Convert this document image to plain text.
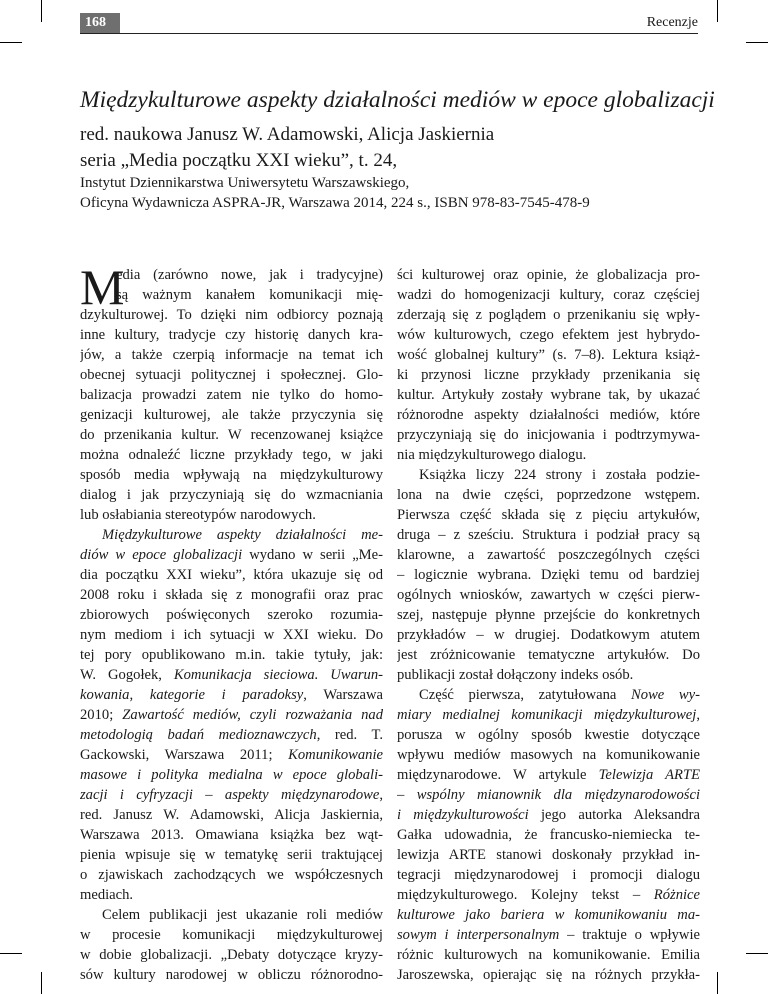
168	Recenzje
Międzykulturowe aspekty działalności mediów w epoce globalizacji
red. naukowa Janusz W. Adamowski, Alicja Jaskiernia
seria „Media początku XXI wieku”, t. 24,
Instytut Dziennikarstwa Uniwersytetu Warszawskiego,
Oficyna Wydawnicza ASPRA-JR, Warszawa 2014, 224 s., ISBN 978-83-7545-478-9
M
edia (zarówno nowe, jak i tradycyjne)
są ważnym kanałem komunikacji mię-
dzykulturowej. To dzięki nim odbiorcy poznają
inne kultury, tradycje czy historię danych kra-
jów, a także czerpią informacje na temat ich
obecnej sytuacji politycznej i społecznej. Glo-
balizacja prowadzi zatem nie tylko do homo-
genizacji kulturowej, ale także przyczynia się
do przenikania kultur. W recenzowanej książce
można odnaleźć liczne przykłady tego, w jaki
sposób media wpływają na międzykulturowy
dialog i jak przyczyniają się do wzmacniania
lub osłabiania stereotypów narodowych.
Międzykulturowe aspekty działalności me-
diów w epoce globalizacji wydano w serii „Me-
dia początku XXI wieku”, która ukazuje się od
2008 roku i składa się z monografii oraz prac
zbiorowych poświęconych szeroko rozumia-
nym mediom i ich sytuacji w XXI wieku. Do
tej pory opublikowano m.in. takie tytuły, jak:
W. Gogołek, Komunikacja sieciowa. Uwarun-
kowania, kategorie i paradoksy, Warszawa
2010; Zawartość mediów, czyli rozważania nad
metodologią badań medioznawczych, red. T.
Gackowski, Warszawa 2011; Komunikowanie
masowe i polityka medialna w epoce globali-
zacji i cyfryzacji – aspekty międzynarodowe,
red. Janusz W. Adamowski, Alicja Jaskiernia,
Warszawa 2013. Omawiana książka bez wąt-
pienia wpisuje się w tematykę serii traktującej
o zjawiskach zachodzących we współczesnych
mediach.
Celem publikacji jest ukazanie roli mediów
w procesie komunikacji międzykulturowej
w dobie globalizacji. „Debaty dotyczące kryzy-
sów kultury narodowej w obliczu różnorodno-
ści kulturowej oraz opinie, że globalizacja pro-
wadzi do homogenizacji kultury, coraz częściej
zderzają się z poglądem o przenikaniu się wpły-
wów kulturowych, czego efektem jest hybrydo-
wość globalnej kultury” (s. 7–8). Lektura książ-
ki przynosi liczne przykłady przenikania się
kultur. Artykuły zostały wybrane tak, by ukazać
różnorodne aspekty działalności mediów, które
przyczyniają się do inicjowania i podtrzymywa-
nia międzykulturowego dialogu.
Książka liczy 224 strony i została podzie-
lona na dwie części, poprzedzone wstępem.
Pierwsza część składa się z pięciu artykułów,
druga – z sześciu. Struktura i podział pracy są
klarowne, a zawartość poszczególnych części
– logicznie wybrana. Dzięki temu od bardziej
ogólnych wniosków, zawartych w części pierw-
szej, następuje płynne przejście do konkretnych
przykładów – w drugiej. Dodatkowym atutem
jest zróżnicowanie tematyczne artykułów. Do
publikacji został dołączony indeks osób.
Część pierwsza, zatytułowana Nowe wy-
miary medialnej komunikacji międzykulturowej,
porusza w ogólny sposób kwestie dotyczące
wpływu mediów masowych na komunikowanie
międzynarodowe. W artykule Telewizja ARTE
– wspólny mianownik dla międzynarodowości
i międzykulturowości jego autorka Aleksandra
Gałka udowadnia, że francusko-niemiecka te-
lewizja ARTE stanowi doskonały przykład in-
tegracji międzynarodowej i promocji dialogu
międzykulturowego. Kolejny tekst – Różnice
kulturowe jako bariera w komunikowaniu ma-
sowym i interpersonalnym – traktuje o wpływie
różnic kulturowych na komunikowanie. Emilia
Jaroszewska, opierając się na różnych przykła-
